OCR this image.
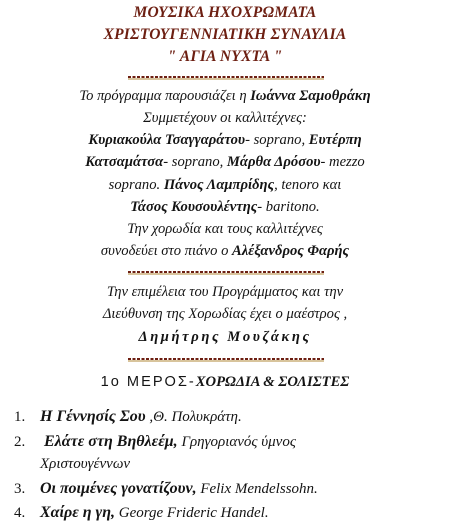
ΜΟΥΣΙΚΑ ΗΧΟΧΡΩΜΑΤΑ
ΧΡΙΣΤΟΥΓΕΝΝΙΑΤΙΚΗ ΣΥΝΑΥΛΙΑ
" ΑΓΙΑ ΝΥΧΤΑ "
Το πρόγραμμα παρουσιάζει η Ιωάννα Σαμοθράκη
Συμμετέχουν οι καλλιτέχνες:
Κυριακούλα Τσαγγαράτου- soprano, Ευτέρπη
Κατσαμάτσα- soprano, Μάρθα Δρόσου- mezzo
soprano. Πάνος Λαμπρίδης, tenoro και
Τάσος Κουσουλέντης- baritono.
Την χορωδία και τους καλλιτέχνες
συνοδεύει στο πιάνο ο Αλέξανδρος Φαρής
Την επιμέλεια του Προγράμματος και την
Διεύθυνση της Χορωδίας έχει ο μαέστρος ,
Δημήτρης Μουζάκης
1ο ΜΕΡΟΣ-ΧΟΡΩΔΙΑ & ΣΟΛΙΣΤΕΣ
1. Η Γέννησίς Σου ,Θ. Πολυκράτη.
2. Ελάτε στη Βηθλεέμ, Γρηγοριανός ύμνος
Χριστουγέννων
3. Οι ποιμένες γονατίζουν, Felix Mendelssohn.
4. Χαίρε η γη, George Frideric Handel.
